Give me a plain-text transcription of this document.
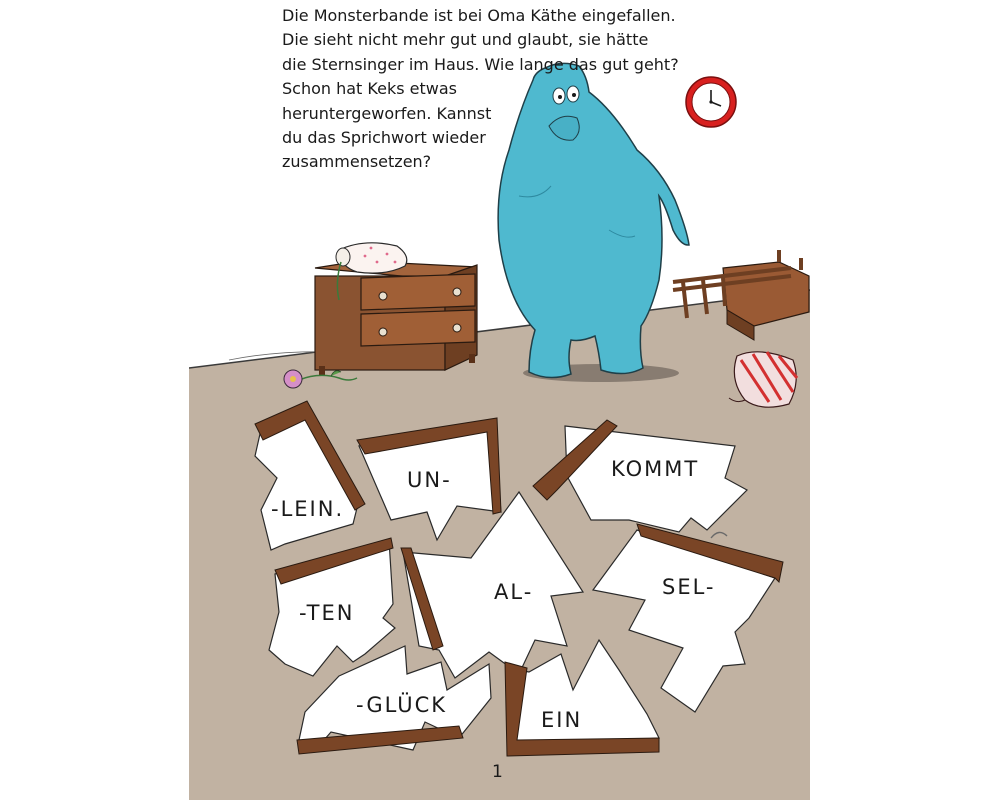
Die Monsterbande ist bei Oma Käthe eingefallen.
Die sieht nicht mehr gut und glaubt, sie hätte
die Sternsinger im Haus. Wie lange das gut geht?
Schon hat Keks etwas
heruntergeworfen. Kannst
du das Sprichwort wieder
zusammensetzen?

-LEIN.
UN-	KOMMT
-TEN
AL-	SEL-
-GLÜCK
EIN
1
